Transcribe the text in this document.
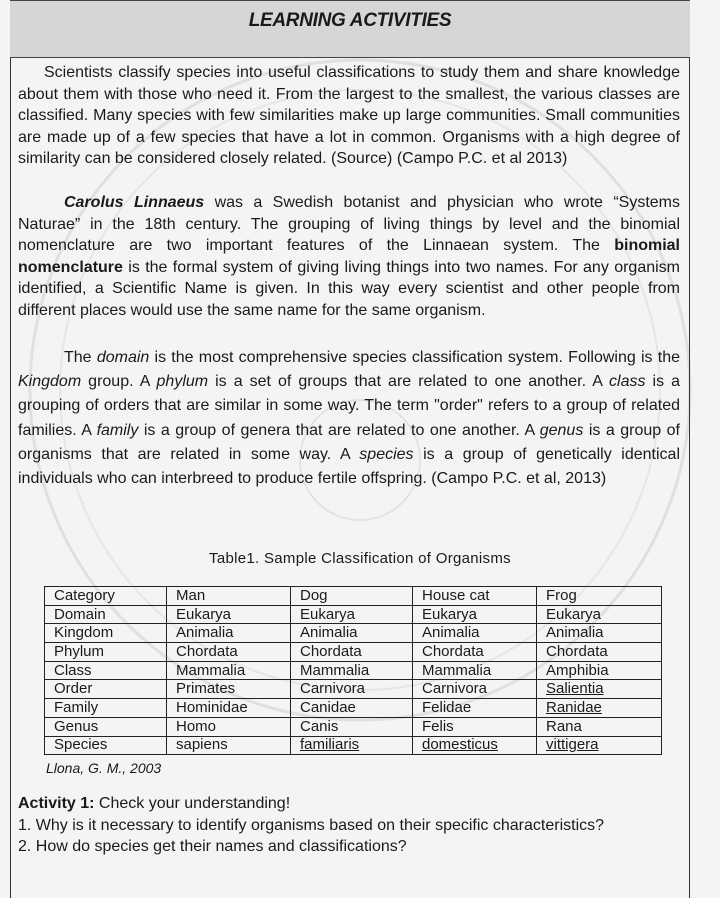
LEARNING ACTIVITIES
Scientists classify species into useful classifications to study them and share knowledge about them with those who need it. From the largest to the smallest, the various classes are classified. Many species with few similarities make up large communities. Small communities are made up of a few species that have a lot in common. Organisms with a high degree of similarity can be considered closely related. (Source) (Campo P.C. et al 2013)
Carolus Linnaeus was a Swedish botanist and physician who wrote “Systems Naturae” in the 18th century. The grouping of living things by level and the binomial nomenclature are two important features of the Linnaean system. The binomial nomenclature is the formal system of giving living things into two names. For any organism identified, a Scientific Name is given. In this way every scientist and other people from different places would use the same name for the same organism.
The domain is the most comprehensive species classification system. Following is the Kingdom group. A phylum is a set of groups that are related to one another. A class is a grouping of orders that are similar in some way. The term "order" refers to a group of related families. A family is a group of genera that are related to one another. A genus is a group of organisms that are related in some way. A species is a group of genetically identical individuals who can interbreed to produce fertile offspring. (Campo P.C. et al, 2013)
Table1. Sample Classification of Organisms
Category	Man	Dog	House cat	Frog
Domain	Eukarya	Eukarya	Eukarya	Eukarya
Kingdom	Animalia	Animalia	Animalia	Animalia
Phylum	Chordata	Chordata	Chordata	Chordata
Class	Mammalia	Mammalia	Mammalia	Amphibia
Order	Primates	Carnivora	Carnivora	Salientia
Family	Hominidae	Canidae	Felidae	Ranidae
Genus	Homo	Canis	Felis	Rana
Species	sapiens	familiaris	domesticus	vittigera
Llona, G. M., 2003
Activity 1: Check your understanding!
1. Why is it necessary to identify organisms based on their specific characteristics?
2. How do species get their names and classifications?
